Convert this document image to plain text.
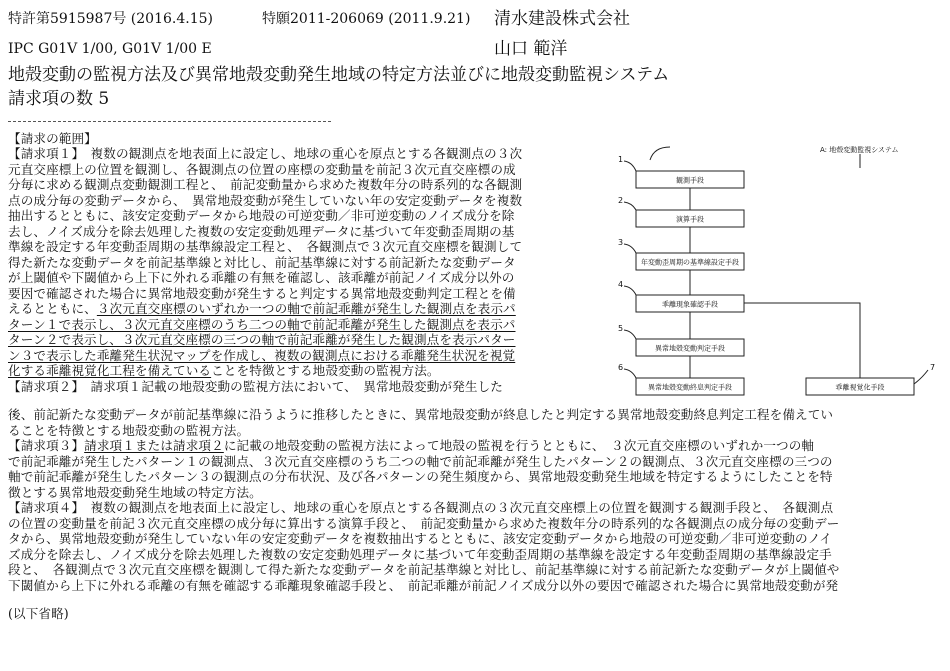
特許第5915987号 (2016.4.15)	特願2011-206069 (2011.9.21) 清水建設株式会社
IPC G01V 1/00, G01V 1/00 E	山口 範洋
地殻変動の監視方法及び異常地殻変動発生地域の特定方法並びに地殻変動監視システム
請求項の数 5
【請求の範囲】
【請求項１】　複数の観測点を地表面上に設定し、地球の重心を原点とする各観測点の３次
元直交座標上の位置を観測し、各観測点の位置の座標の変動量を前記３次元直交座標の成
分毎に求める観測点変動観測工程と、　前記変動量から求めた複数年分の時系列的な各観測
点の成分毎の変動データから、　異常地殻変動が発生していない年の安定変動データを複数
抽出するとともに、該安定変動データから地殻の可逆変動／非可逆変動のノイズ成分を除
去し、ノイズ成分を除去処理した複数の安定変動処理データに基づいて年変動歪周期の基
準線を設定する年変動歪周期の基準線設定工程と、　各観測点で３次元直交座標を観測して
得た新たな変動データを前記基準線と対比し、前記基準線に対する前記新たな変動データ
が上閾値や下閾値から上下に外れる乖離の有無を確認し、該乖離が前記ノイズ成分以外の
要因で確認された場合に異常地殻変動が発生すると判定する異常地殻変動判定工程とを備
えるとともに、３次元直交座標のいずれか一つの軸で前記乖離が発生した観測点を表示パ
ターン１で表示し、３次元直交座標のうち二つの軸で前記乖離が発生した観測点を表示パ
ターン２で表示し、３次元直交座標の三つの軸で前記乖離が発生した観測点を表示パター
ン３で表示した乖離発生状況マップを作成し、複数の観測点における乖離発生状況を視覚
化する乖離視覚化工程を備えていることを特徴とする地殻変動の監視方法。
【請求項２】　請求項１記載の地殻変動の監視方法において、　異常地殻変動が発生した
後、前記新たな変動データが前記基準線に沿うように推移したときに、異常地殻変動が終息したと判定する異常地殻変動終息判定工程を備えてい
ることを特徴とする地殻変動の監視方法。
【請求項３】請求項１または請求項２に記載の地殻変動の監視方法によって地殻の監視を行うとともに、　３次元直交座標のいずれか一つの軸
で前記乖離が発生したパターン１の観測点、３次元直交座標のうち二つの軸で前記乖離が発生したパターン２の観測点、３次元直交座標の三つの
軸で前記乖離が発生したパターン３の観測点の分布状況、及び各パターンの発生頻度から、異常地殻変動発生地域を特定するようにしたことを特
徴とする異常地殻変動発生地域の特定方法。
【請求項４】　複数の観測点を地表面上に設定し、地球の重心を原点とする各観測点の３次元直交座標上の位置を観測する観測手段と、　各観測点
の位置の変動量を前記３次元直交座標の成分毎に算出する演算手段と、　前記変動量から求めた複数年分の時系列的な各観測点の成分毎の変動デー
タから、異常地殻変動が発生していない年の安定変動データを複数抽出するとともに、該安定変動データから地殻の可逆変動／非可逆変動のノイ
ズ成分を除去し、ノイズ成分を除去処理した複数の安定変動処理データに基づいて年変動歪周期の基準線を設定する年変動歪周期の基準線設定手
段と、　各観測点で３次元直交座標を観測して得た新たな変動データを前記基準線と対比し、前記基準線に対する前記新たな変動データが上閾値や
下閾値から上下に外れる乖離の有無を確認する乖離現象確認手段と、　前記乖離が前記ノイズ成分以外の要因で確認された場合に異常地殻変動が発
(以下省略)
A: 地殻変動監視システム
観測手段
演算手段
年変動歪周期の基準線設定手段
乖離現象確認手段
異常地殻変動判定手段
異常地殻変動終息判定手段	乖離視覚化手段
1
2
3
4
5
6	7
